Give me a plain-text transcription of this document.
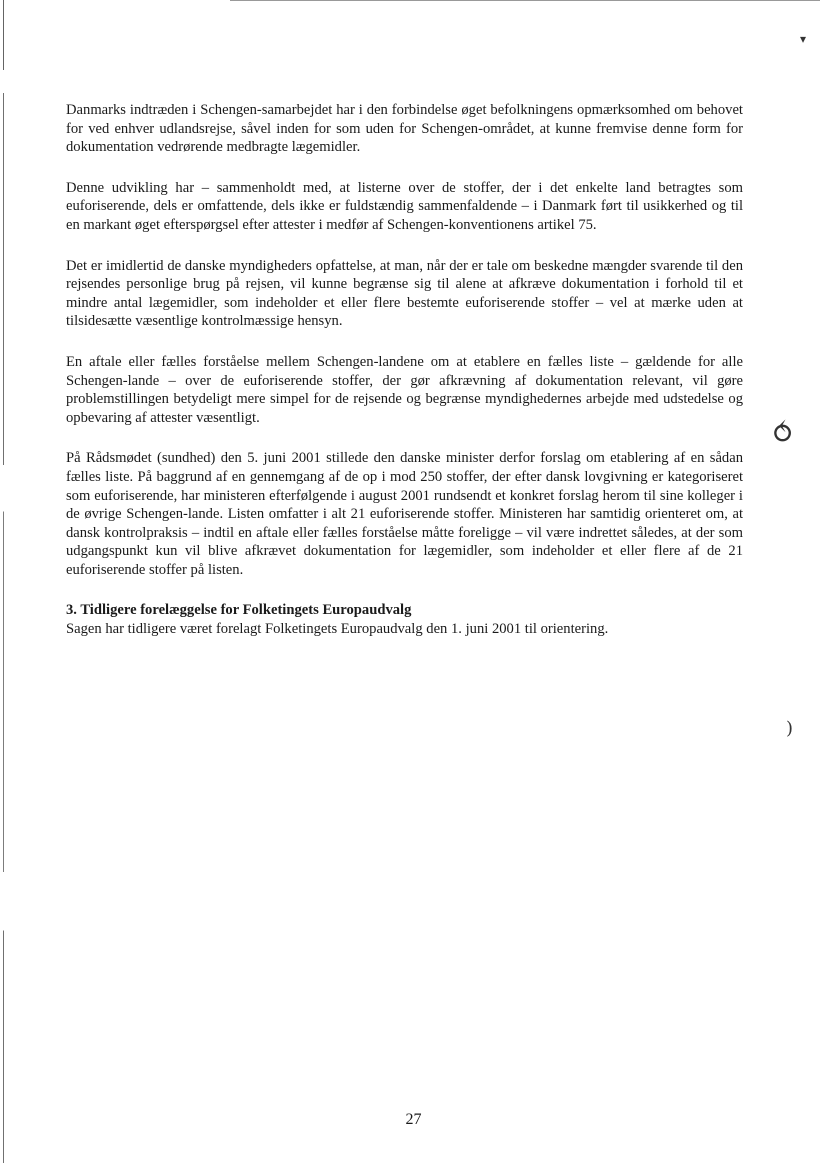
⥀
)
▾

Danmarks indtræden i Schengen-samarbejdet har i den forbindelse øget befolkningens opmærksomhed om behovet for ved enhver udlandsrejse, såvel inden for som uden for Schengen-området, at kunne fremvise denne form for dokumentation vedrørende medbragte lægemidler.

Denne udvikling har – sammenholdt med, at listerne over de stoffer, der i det enkelte land betragtes som euforiserende, dels er omfattende, dels ikke er fuldstændig sammenfaldende – i Danmark ført til usikkerhed og til en markant øget efterspørgsel efter attester i medfør af Schengen-konventionens artikel 75.

Det er imidlertid de danske myndigheders opfattelse, at man, når der er tale om beskedne mængder svarende til den rejsendes personlige brug på rejsen, vil kunne begrænse sig til alene at afkræve dokumentation i forhold til et mindre antal lægemidler, som indeholder et eller flere bestemte euforiserende stoffer – vel at mærke uden at tilsidesætte væsentlige kontrolmæssige hensyn.

En aftale eller fælles forståelse mellem Schengen-landene om at etablere en fælles liste – gældende for alle Schengen-lande – over de euforiserende stoffer, der gør afkrævning af dokumentation relevant, vil gøre problemstillingen betydeligt mere simpel for de rejsende og begrænse myndighedernes arbejde med udstedelse og opbevaring af attester væsentligt.

På Rådsmødet (sundhed) den 5. juni 2001 stillede den danske minister derfor forslag om etablering af en sådan fælles liste. På baggrund af en gennemgang af de op i mod 250 stoffer, der efter dansk lovgivning er kategoriseret som euforiserende, har ministeren efterfølgende i august 2001 rundsendt et konkret forslag herom til sine kolleger i de øvrige Schengen-lande. Listen omfatter i alt 21 euforiserende stoffer. Ministeren har samtidig orienteret om, at dansk kontrolpraksis – indtil en aftale eller fælles forståelse måtte foreligge – vil være indrettet således, at der som udgangspunkt kun vil blive afkrævet dokumentation for lægemidler, som indeholder et eller flere af de 21 euforiserende stoffer på listen.

3. Tidligere forelæggelse for Folketingets Europaudvalg

Sagen har tidligere været forelagt Folketingets Europaudvalg den 1. juni 2001 til orientering.

27
